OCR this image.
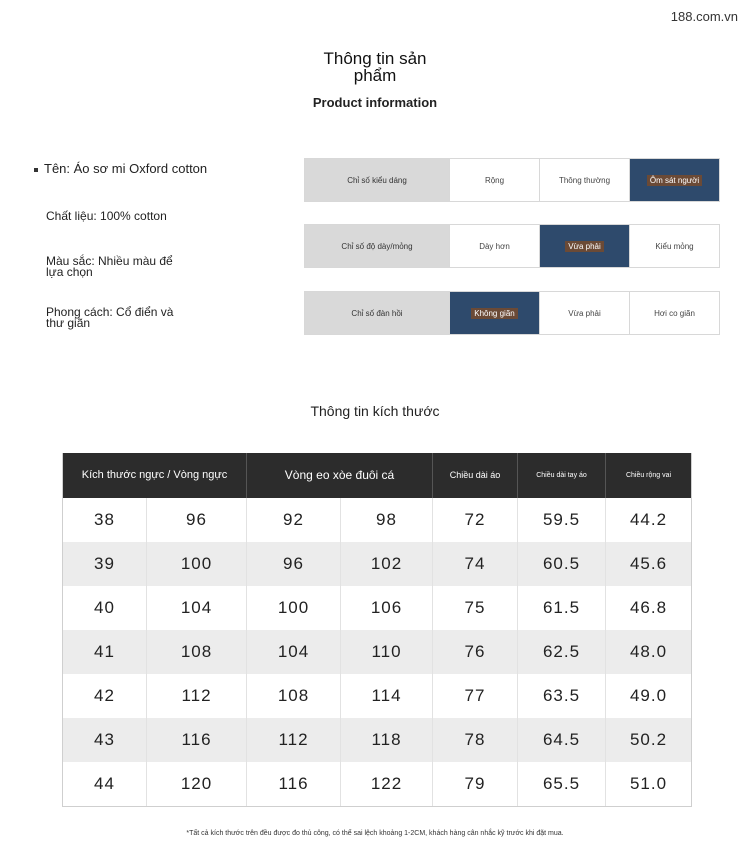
188.com.vn
Thông tin sản phẩm
Product information
Tên: Áo sơ mi Oxford cotton
Chất liệu: 100% cotton
Màu sắc: Nhiều màu để lựa chọn
Phong cách: Cổ điển và thư giãn
Chỉ số kiểu dáng	Rộng	Thông thường	Ôm sát người
Chỉ số độ dày/mỏng	Dày hơn	Vừa phải	Kiểu mỏng
Chỉ số đàn hồi	Không giãn	Vừa phải	Hơi co giãn
Thông tin kích thước
Kích thước ngực / Vòng ngực		Vòng eo xòe đuôi cá		Chiều dài áo	Chiều dài tay áo	Chiều rộng vai
38	96	92	98	72	59.5	44.2
39	100	96	102	74	60.5	45.6
40	104	100	106	75	61.5	46.8
41	108	104	110	76	62.5	48.0
42	112	108	114	77	63.5	49.0
43	116	112	118	78	64.5	50.2
44	120	116	122	79	65.5	51.0
*Tất cả kích thước trên đều được đo thủ công, có thể sai lệch khoảng 1-2CM, khách hàng cân nhắc kỹ trước khi đặt mua.
